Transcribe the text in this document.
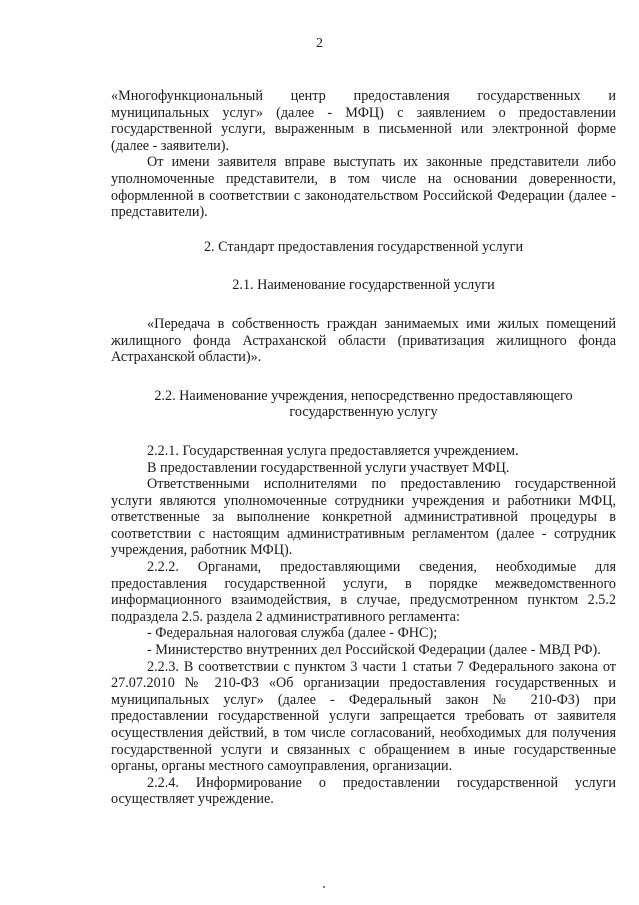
2

«Многофункциональный центр предоставления государственных и муниципальных услуг» (далее - МФЦ) с заявлением о предоставлении государственной услуги, выраженным в письменной или электронной форме (далее - заявители).

От имени заявителя вправе выступать их законные представители либо уполномоченные представители, в том числе на основании доверенности, оформленной в соответствии с законодательством Российской Федерации (далее - представители).

2. Стандарт предоставления государственной услуги

2.1. Наименование государственной услуги

«Передача в собственность граждан занимаемых ими жилых помещений жилищного фонда Астраханской области (приватизация жилищного фонда Астраханской области)».

2.2. Наименование учреждения, непосредственно предоставляющего государственную услугу

2.2.1. Государственная услуга предоставляется учреждением.

В предоставлении государственной услуги участвует МФЦ.

Ответственными исполнителями по предоставлению государственной услуги являются уполномоченные сотрудники учреждения и работники МФЦ, ответственные за выполнение конкретной административной процедуры в соответствии с настоящим административным регламентом (далее - сотрудник учреждения, работник МФЦ).

2.2.2. Органами, предоставляющими сведения, необходимые для предоставления государственной услуги, в порядке межведомственного информационного взаимодействия, в случае, предусмотренном пунктом 2.5.2 подраздела 2.5. раздела 2 административного регламента:

- Федеральная налоговая служба (далее - ФНС);

- Министерство внутренних дел Российской Федерации (далее - МВД РФ).

2.2.3. В соответствии с пунктом 3 части 1 статьи 7 Федерального закона от 27.07.2010 № 210-ФЗ «Об организации предоставления государственных и муниципальных услуг» (далее - Федеральный закон № 210-ФЗ) при предоставлении государственной услуги запрещается требовать от заявителя осуществления действий, в том числе согласований, необходимых для получения государственной услуги и связанных с обращением в иные государственные органы, органы местного самоуправления, организации.

2.2.4. Информирование о предоставлении государственной услуги осуществляет учреждение.
